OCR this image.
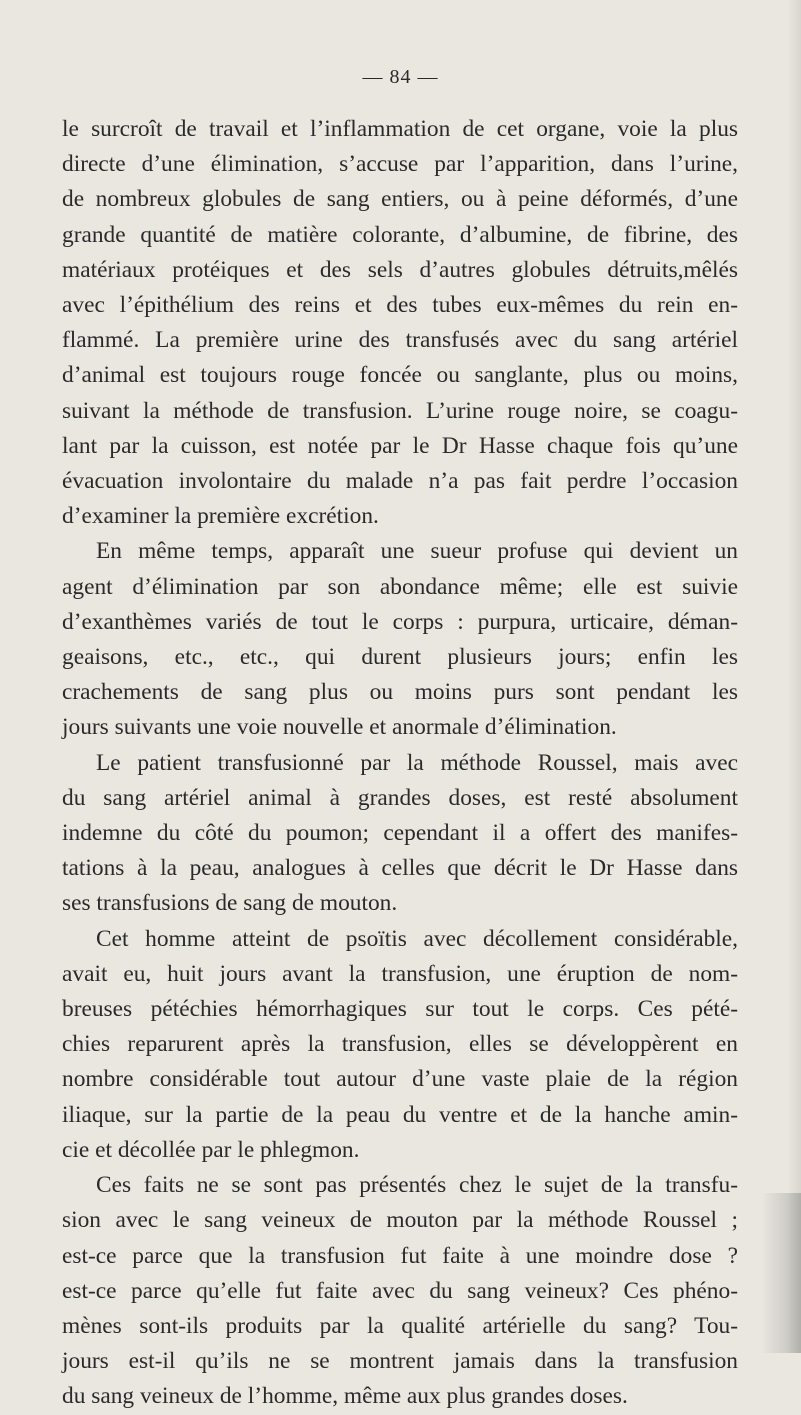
— 84 —

le surcroît de travail et l’inflammation de cet organe, voie la plus
directe d’une élimination, s’accuse par l’apparition, dans l’urine,
de nombreux globules de sang entiers, ou à peine déformés, d’une
grande quantité de matière colorante, d’albumine, de fibrine, des
matériaux protéiques et des sels d’autres globules détruits,mêlés
avec l’épithélium des reins et des tubes eux-mêmes du rein en-
flammé. La première urine des transfusés avec du sang artériel
d’animal est toujours rouge foncée ou sanglante, plus ou moins,
suivant la méthode de transfusion. L’urine rouge noire, se coagu-
lant par la cuisson, est notée par le Dr Hasse chaque fois qu’une
évacuation involontaire du malade n’a pas fait perdre l’occasion
d’examiner la première excrétion.

En même temps, apparaît une sueur profuse qui devient un
agent d’élimination par son abondance même; elle est suivie
d’exanthèmes variés de tout le corps : purpura, urticaire, déman-
geaisons, etc., etc., qui durent plusieurs jours; enfin les
crachements de sang plus ou moins purs sont pendant les
jours suivants une voie nouvelle et anormale d’élimination.

Le patient transfusionné par la méthode Roussel, mais avec
du sang artériel animal à grandes doses, est resté absolument
indemne du côté du poumon; cependant il a offert des manifes-
tations à la peau, analogues à celles que décrit le Dr Hasse dans
ses transfusions de sang de mouton.

Cet homme atteint de psoïtis avec décollement considérable,
avait eu, huit jours avant la transfusion, une éruption de nom-
breuses pétéchies hémorrhagiques sur tout le corps. Ces pété-
chies reparurent après la transfusion, elles se développèrent en
nombre considérable tout autour d’une vaste plaie de la région
iliaque, sur la partie de la peau du ventre et de la hanche amin-
cie et décollée par le phlegmon.

Ces faits ne se sont pas présentés chez le sujet de la transfu-
sion avec le sang veineux de mouton par la méthode Roussel ;
est-ce parce que la transfusion fut faite à une moindre dose ?
est-ce parce qu’elle fut faite avec du sang veineux? Ces phéno-
mènes sont-ils produits par la qualité artérielle du sang? Tou-
jours est-il qu’ils ne se montrent jamais dans la transfusion
du sang veineux de l’homme, même aux plus grandes doses.
